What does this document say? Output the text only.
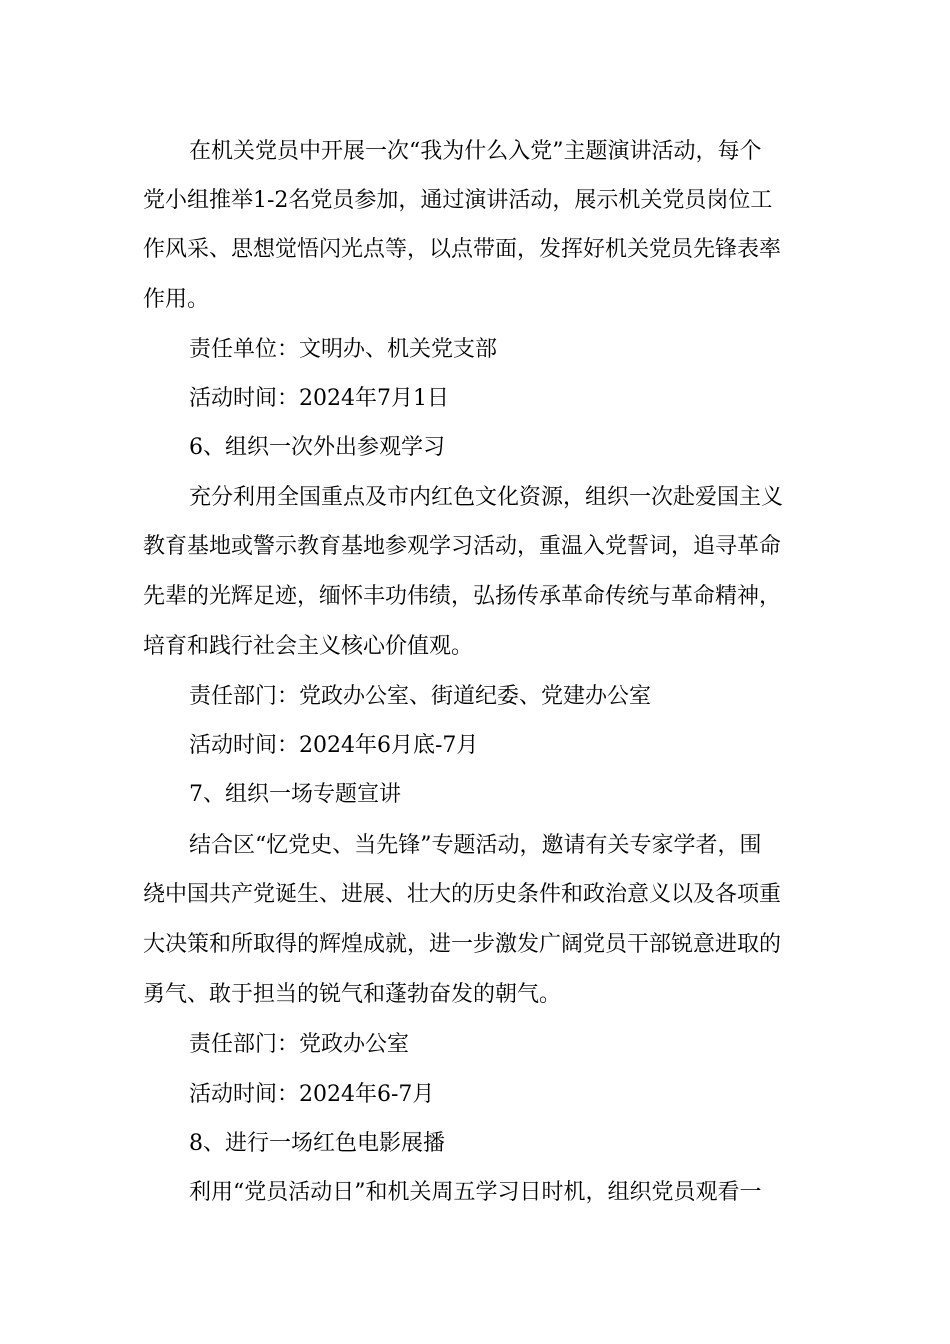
在机关党员中开展一次“我为什么入党”主题演讲活动，每个
党小组推举1-2名党员参加，通过演讲活动，展示机关党员岗位工
作风采、思想觉悟闪光点等，以点带面，发挥好机关党员先锋表率
作用。
责任单位：文明办、机关党支部
活动时间：2024年7月1日
6、组织一次外出参观学习
充分利用全国重点及市内红色文化资源，组织一次赴爱国主义
教育基地或警示教育基地参观学习活动，重温入党誓词，追寻革命
先辈的光辉足迹，缅怀丰功伟绩，弘扬传承革命传统与革命精神，
培育和践行社会主义核心价值观。
责任部门：党政办公室、街道纪委、党建办公室
活动时间：2024年6月底-7月
7、组织一场专题宣讲
结合区“忆党史、当先锋”专题活动，邀请有关专家学者，围
绕中国共产党诞生、进展、壮大的历史条件和政治意义以及各项重
大决策和所取得的辉煌成就，进一步激发广阔党员干部锐意进取的
勇气、敢于担当的锐气和蓬勃奋发的朝气。
责任部门：党政办公室
活动时间：2024年6-7月
8、进行一场红色电影展播
利用“党员活动日”和机关周五学习日时机，组织党员观看一
